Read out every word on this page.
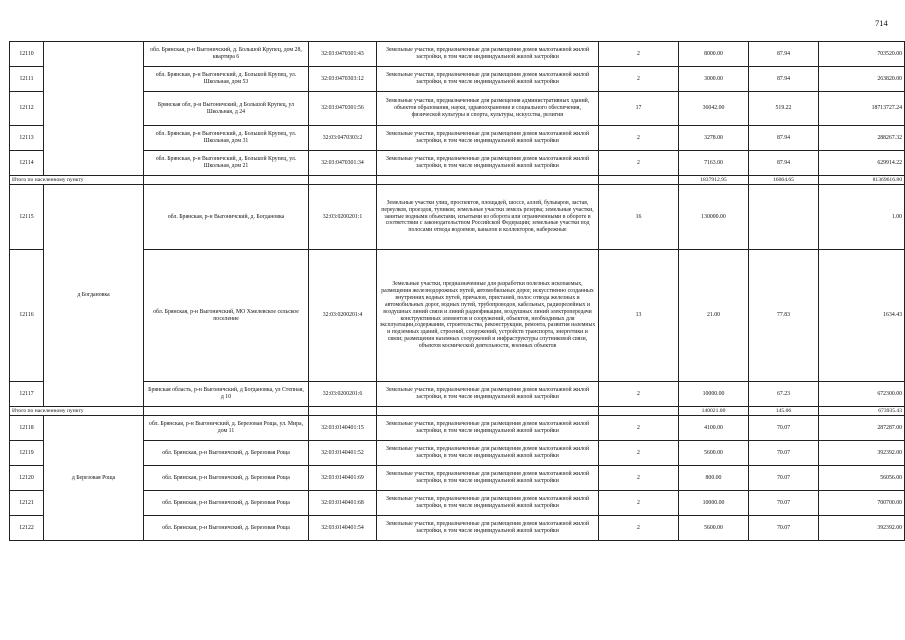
714
12110		обл. Брянская, р-н Выгоничский, д. Большой Крупец, дом 28, квартира 6	32:03:0470301:43	Земельные участки, предназначенные для размещения домов малоэтажной жилой застройки, в том числе индивидуальной жилой застройки	2	8000.00	87.94	703520.00
12111		обл. Брянская, р-н Выгоничский, д. Большой Крупец, ул. Школьная, дом 53	32:03:0470303:12	Земельные участки, предназначенные для размещения домов малоэтажной жилой застройки, в том числе индивидуальной жилой застройки	2	3000.00	87.94	263820.00
12112		Брянская обл, р-н Выгоничский, д Большой Крупец, ул Школьная, д 24	32:03:0470301:56	Земельные участки, предназначенные для размещения административных зданий, объектов образования, науки, здравоохранения и социального обеспечения, физической культуры и спорта, культуры, искусства, религии	17	36042.00	519.22	18713727.24
12113		обл. Брянская, р-н Выгоничский, д. Большой Крупец, ул. Школьная, дом 31	32:03:0470303:2	Земельные участки, предназначенные для размещения домов малоэтажной жилой застройки, в том числе индивидуальной жилой застройки	2	3278.00	87.94	288267.32
12114		обл. Брянская, р-н Выгоничский, д. Большой Крупец, ул. Школьная, дом 21	32:03:0470301:34	Земельные участки, предназначенные для размещения домов малоэтажной жилой застройки, в том числе индивидуальной жилой застройки	2	7163.00	87.94	629914.22
Итого по населенному пункту						1837912.95	16064.65	81369616.80
12115	д Богдановка	обл. Брянская, р-н Выгоничский, д. Богдановка	32:03:0200201:1	Земельные участки улиц, проспектов, площадей, шоссе, аллей, бульваров, застав, переулков, проездов, тупиков; земельные участки земель резерва; земельные участки, занятые водными объектами, изъятыми из оборота или ограниченными в обороте в соответствии с законодательством Российской Федерации; земельные участки под полосами отвода водоемов, каналов и коллекторов, набережные	16	130000.00		1.00
12116		обл. Брянская, р-н Выгоничский, МО Хмелевское сельское поселение	32:03:0200201:4	Земельные участки, предназначенные для разработки полезных ископаемых, размещения железнодорожных путей, автомобильных дорог, искусственно созданных внутренних водных путей, причалов, пристаней, полос отвода железных и автомобильных дорог, водных путей, трубопроводов, кабельных, радиорелейных и воздушных линий связи и линий радиофикации, воздушных линий электропередачи конструктивных элементов и сооружений, объектов, необходимых для эксплуатации,содержания, строительства, реконструкции, ремонта, развития наземных и подземных зданий, строений, сооружений, устройств транспорта, энергетики и связи; размещения наземных сооружений и инфраструктуры спутниковой связи, объектов космической деятельности, военных объектов	13	21.00	77.83	1634.43
12117		Брянская область, р-н Выгоничский, д Богдановка, ул Степная, д 10	32:03:0200201:6	Земельные участки, предназначенные для размещения домов малоэтажной жилой застройки, в том числе индивидуальной жилой застройки	2	10000.00	67.23	672300.00
Итого по населенному пункту						140021.00	145.06	673935.43
12118	д Березовая Роща	обл. Брянская, р-н Выгоничский, д. Березовая Роща, ул. Мира, дом 11	32:03:0140401:15	Земельные участки, предназначенные для размещения домов малоэтажной жилой застройки, в том числе индивидуальной жилой застройки	2	4100.00	70.07	287287.00
12119		обл. Брянская, р-н Выгоничский, д. Березовая Роща	32:03:0140401:52	Земельные участки, предназначенные для размещения домов малоэтажной жилой застройки, в том числе индивидуальной жилой застройки	2	5600.00	70.07	392392.00
12120		обл. Брянская, р-н Выгоничский, д. Березовая Роща	32:03:0140401:69	Земельные участки, предназначенные для размещения домов малоэтажной жилой застройки, в том числе индивидуальной жилой застройки	2	800.00	70.07	56056.00
12121		обл. Брянская, р-н Выгоничский, д. Березовая Роща	32:03:0140401:68	Земельные участки, предназначенные для размещения домов малоэтажной жилой застройки, в том числе индивидуальной жилой застройки	2	10000.00	70.07	700700.00
12122		обл. Брянская, р-н Выгоничский, д. Березовая Роща	32:03:0140401:54	Земельные участки, предназначенные для размещения домов малоэтажной жилой застройки, в том числе индивидуальной жилой застройки	2	5600.00	70.07	392392.00
